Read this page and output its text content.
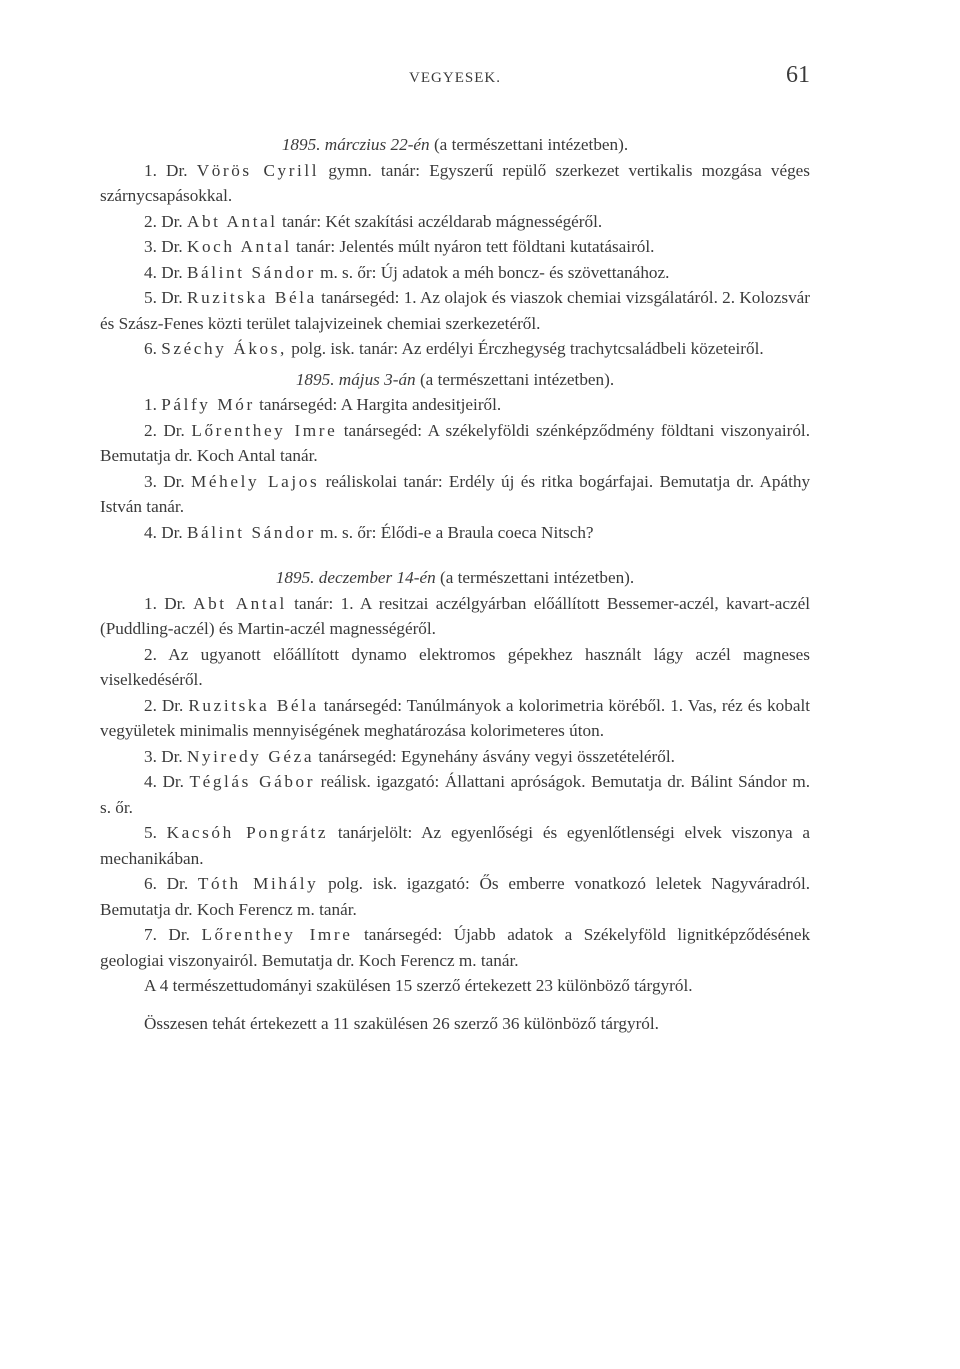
VEGYESEK.	61
1895. márczius 22-én (a természettani intézetben).

1. Dr. Vörös Cyrill gymn. tanár: Egyszerű repülő szerkezet vertikalis mozgása véges szárnycsapásokkal.

2. Dr. Abt Antal tanár: Két szakítási aczéldarab mágnességéről.

3. Dr. Koch Antal tanár: Jelentés múlt nyáron tett földtani kutatásairól.

4. Dr. Bálint Sándor m. s. őr: Új adatok a méh boncz- és szövettanához.

5. Dr. Ruzitska Béla tanársegéd: 1. Az olajok és viaszok chemiai vizsgálatáról. 2. Kolozsvár és Szász-Fenes közti terület talajvizeinek chemiai szerkezetéről.

6. Széchy Ákos, polg. isk. tanár: Az erdélyi Érczhegység trachytcsaládbeli közeteiről.

1895. május 3-án (a természettani intézetben).

1. Pálfy Mór tanársegéd: A Hargita andesitjeiről.

2. Dr. Lőrenthey Imre tanársegéd: A székelyföldi szénképződmény földtani viszonyairól. Bemutatja dr. Koch Antal tanár.

3. Dr. Méhely Lajos reáliskolai tanár: Erdély új és ritka bogárfajai. Bemutatja dr. Apáthy István tanár.

4. Dr. Bálint Sándor m. s. őr: Élődi-e a Braula coeca Nitsch?

1895. deczember 14-én (a természettani intézetben).

1. Dr. Abt Antal tanár: 1. A resitzai aczélgyárban előállított Bessemer-aczél, kavart-aczél (Puddling-aczél) és Martin-aczél magnességéről.

2. Az ugyanott előállított dynamo elektromos gépekhez használt lágy aczél magneses viselkedéséről.

2. Dr. Ruzitska Béla tanársegéd: Tanúlmányok a kolorimetria köréből. 1. Vas, réz és kobalt vegyületek minimalis mennyiségének meghatározása kolorimeteres úton.

3. Dr. Nyiredy Géza tanársegéd: Egynehány ásvány vegyi összetételéről.

4. Dr. Téglás Gábor reálisk. igazgató: Állattani apróságok. Bemutatja dr. Bálint Sándor m. s. őr.

5. Kacsóh Pongrátz tanárjelölt: Az egyenlőségi és egyenlőtlenségi elvek viszonya a mechanikában.

6. Dr. Tóth Mihály polg. isk. igazgató: Ős emberre vonatkozó leletek Nagyváradról. Bemutatja dr. Koch Ferencz m. tanár.

7. Dr. Lőrenthey Imre tanársegéd: Újabb adatok a Székelyföld lignitképződésének geologiai viszonyairól. Bemutatja dr. Koch Ferencz m. tanár.

A 4 természettudományi szakülésen 15 szerző értekezett 23 különböző tárgyról.

Összesen tehát értekezett a 11 szakülésen 26 szerző 36 különböző tárgyról.
